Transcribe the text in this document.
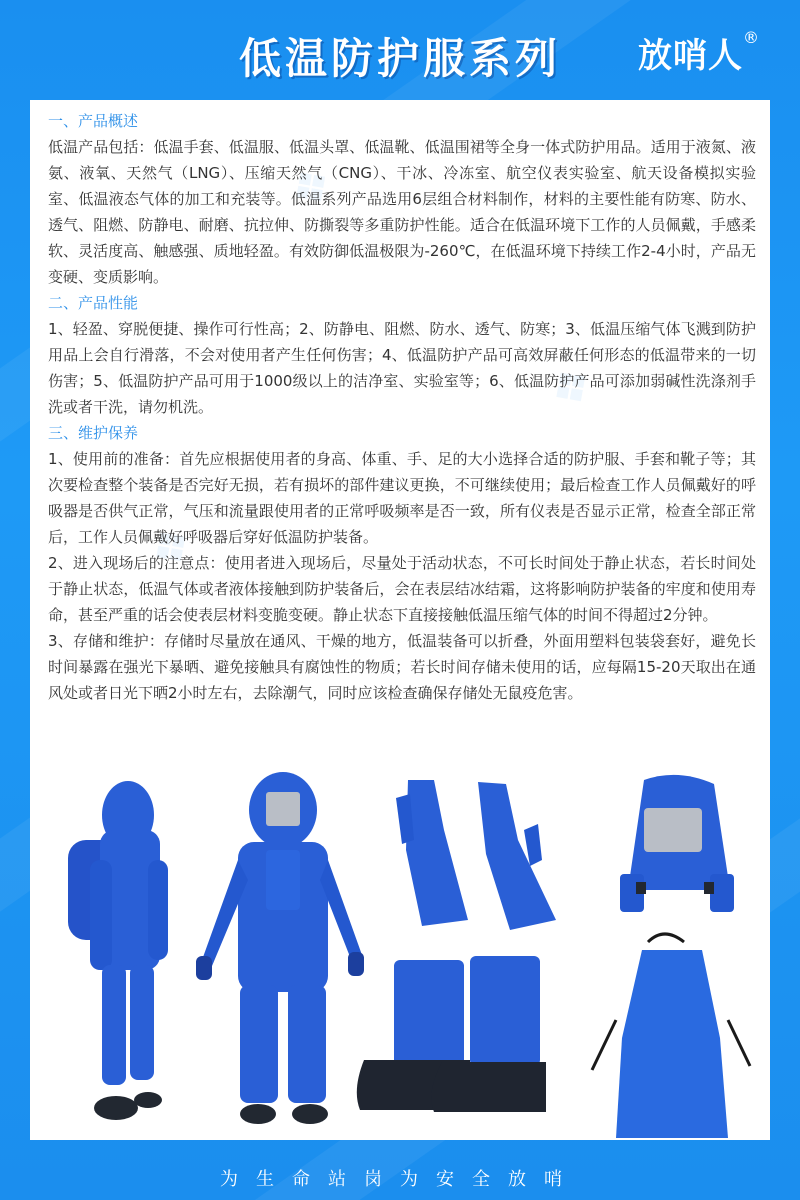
低温防护服系列	放哨人®
❖
❖
❖
一、产品概述

低温产品包括：低温手套、低温服、低温头罩、低温靴、低温围裙等全身一体式防护用品。适用于液氮、液氨、液氧、天然气（LNG）、压缩天然气（CNG）、干冰、冷冻室、航空仪表实验室、航天设备模拟实验室、低温液态气体的加工和充装等。低温系列产品选用6层组合材料制作，材料的主要性能有防寒、防水、透气、阻燃、防静电、耐磨、抗拉伸、防撕裂等多重防护性能。适合在低温环境下工作的人员佩戴，手感柔软、灵活度高、触感强、质地轻盈。有效防御低温极限为-260℃，在低温环境下持续工作2-4小时，产品无变硬、变质影响。

二、产品性能

1、轻盈、穿脱便捷、操作可行性高；2、防静电、阻燃、防水、透气、防寒；3、低温压缩气体飞溅到防护用品上会自行滑落，不会对使用者产生任何伤害；4、低温防护产品可高效屏蔽任何形态的低温带来的一切伤害；5、低温防护产品可用于1000级以上的洁净室、实验室等；6、低温防护产品可添加弱碱性洗涤剂手洗或者干洗，请勿机洗。

三、维护保养

1、使用前的准备：首先应根据使用者的身高、体重、手、足的大小选择合适的防护服、手套和靴子等；其次要检查整个装备是否完好无损，若有损坏的部件建议更换，不可继续使用；最后检查工作人员佩戴好的呼吸器是否供气正常，气压和流量跟使用者的正常呼吸频率是否一致，所有仪表是否显示正常，检查全部正常后，工作人员佩戴好呼吸器后穿好低温防护装备。

2、进入现场后的注意点：使用者进入现场后，尽量处于活动状态，不可长时间处于静止状态，若长时间处于静止状态，低温气体或者液体接触到防护装备后，会在表层结冰结霜，这将影响防护装备的牢度和使用寿命，甚至严重的话会使表层材料变脆变硬。静止状态下直接接触低温压缩气体的时间不得超过2分钟。

3、存储和维护：存储时尽量放在通风、干燥的地方，低温装备可以折叠，外面用塑料包装袋套好，避免长时间暴露在强光下暴晒、避免接触具有腐蚀性的物质；若长时间存储未使用的话，应每隔15-20天取出在通风处或者日光下晒2小时左右，去除潮气，同时应该检查确保存储处无鼠疫危害。

为生命站岗为安全放哨
